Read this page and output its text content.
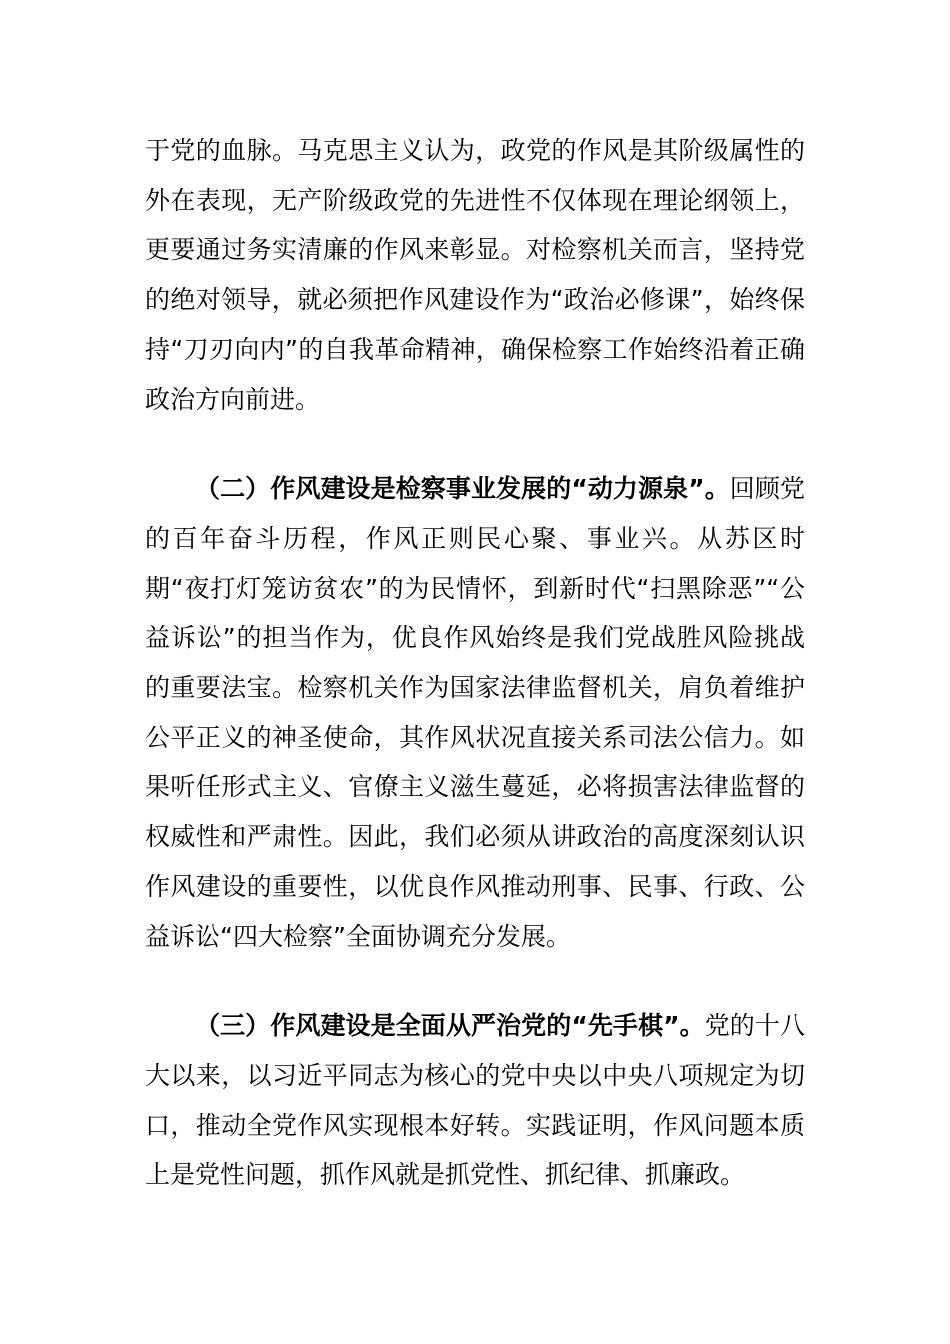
于党的血脉。马克思主义认为，政党的作风是其阶级属性的外在表现，无产阶级政党的先进性不仅体现在理论纲领上，更要通过务实清廉的作风来彰显。对检察机关而言，坚持党的绝对领导，就必须把作风建设作为“政治必修课”，始终保持“刀刃向内”的自我革命精神，确保检察工作始终沿着正确政治方向前进。

（二）作风建设是检察事业发展的“动力源泉”。回顾党的百年奋斗历程，作风正则民心聚、事业兴。从苏区时期“夜打灯笼访贫农”的为民情怀，到新时代“扫黑除恶”“公益诉讼”的担当作为，优良作风始终是我们党战胜风险挑战的重要法宝。检察机关作为国家法律监督机关，肩负着维护公平正义的神圣使命，其作风状况直接关系司法公信力。如果听任形式主义、官僚主义滋生蔓延，必将损害法律监督的权威性和严肃性。因此，我们必须从讲政治的高度深刻认识作风建设的重要性，以优良作风推动刑事、民事、行政、公益诉讼“四大检察”全面协调充分发展。

（三）作风建设是全面从严治党的“先手棋”。党的十八大以来，以习近平同志为核心的党中央以中央八项规定为切口，推动全党作风实现根本好转。实践证明，作风问题本质上是党性问题，抓作风就是抓党性、抓纪律、抓廉政。
